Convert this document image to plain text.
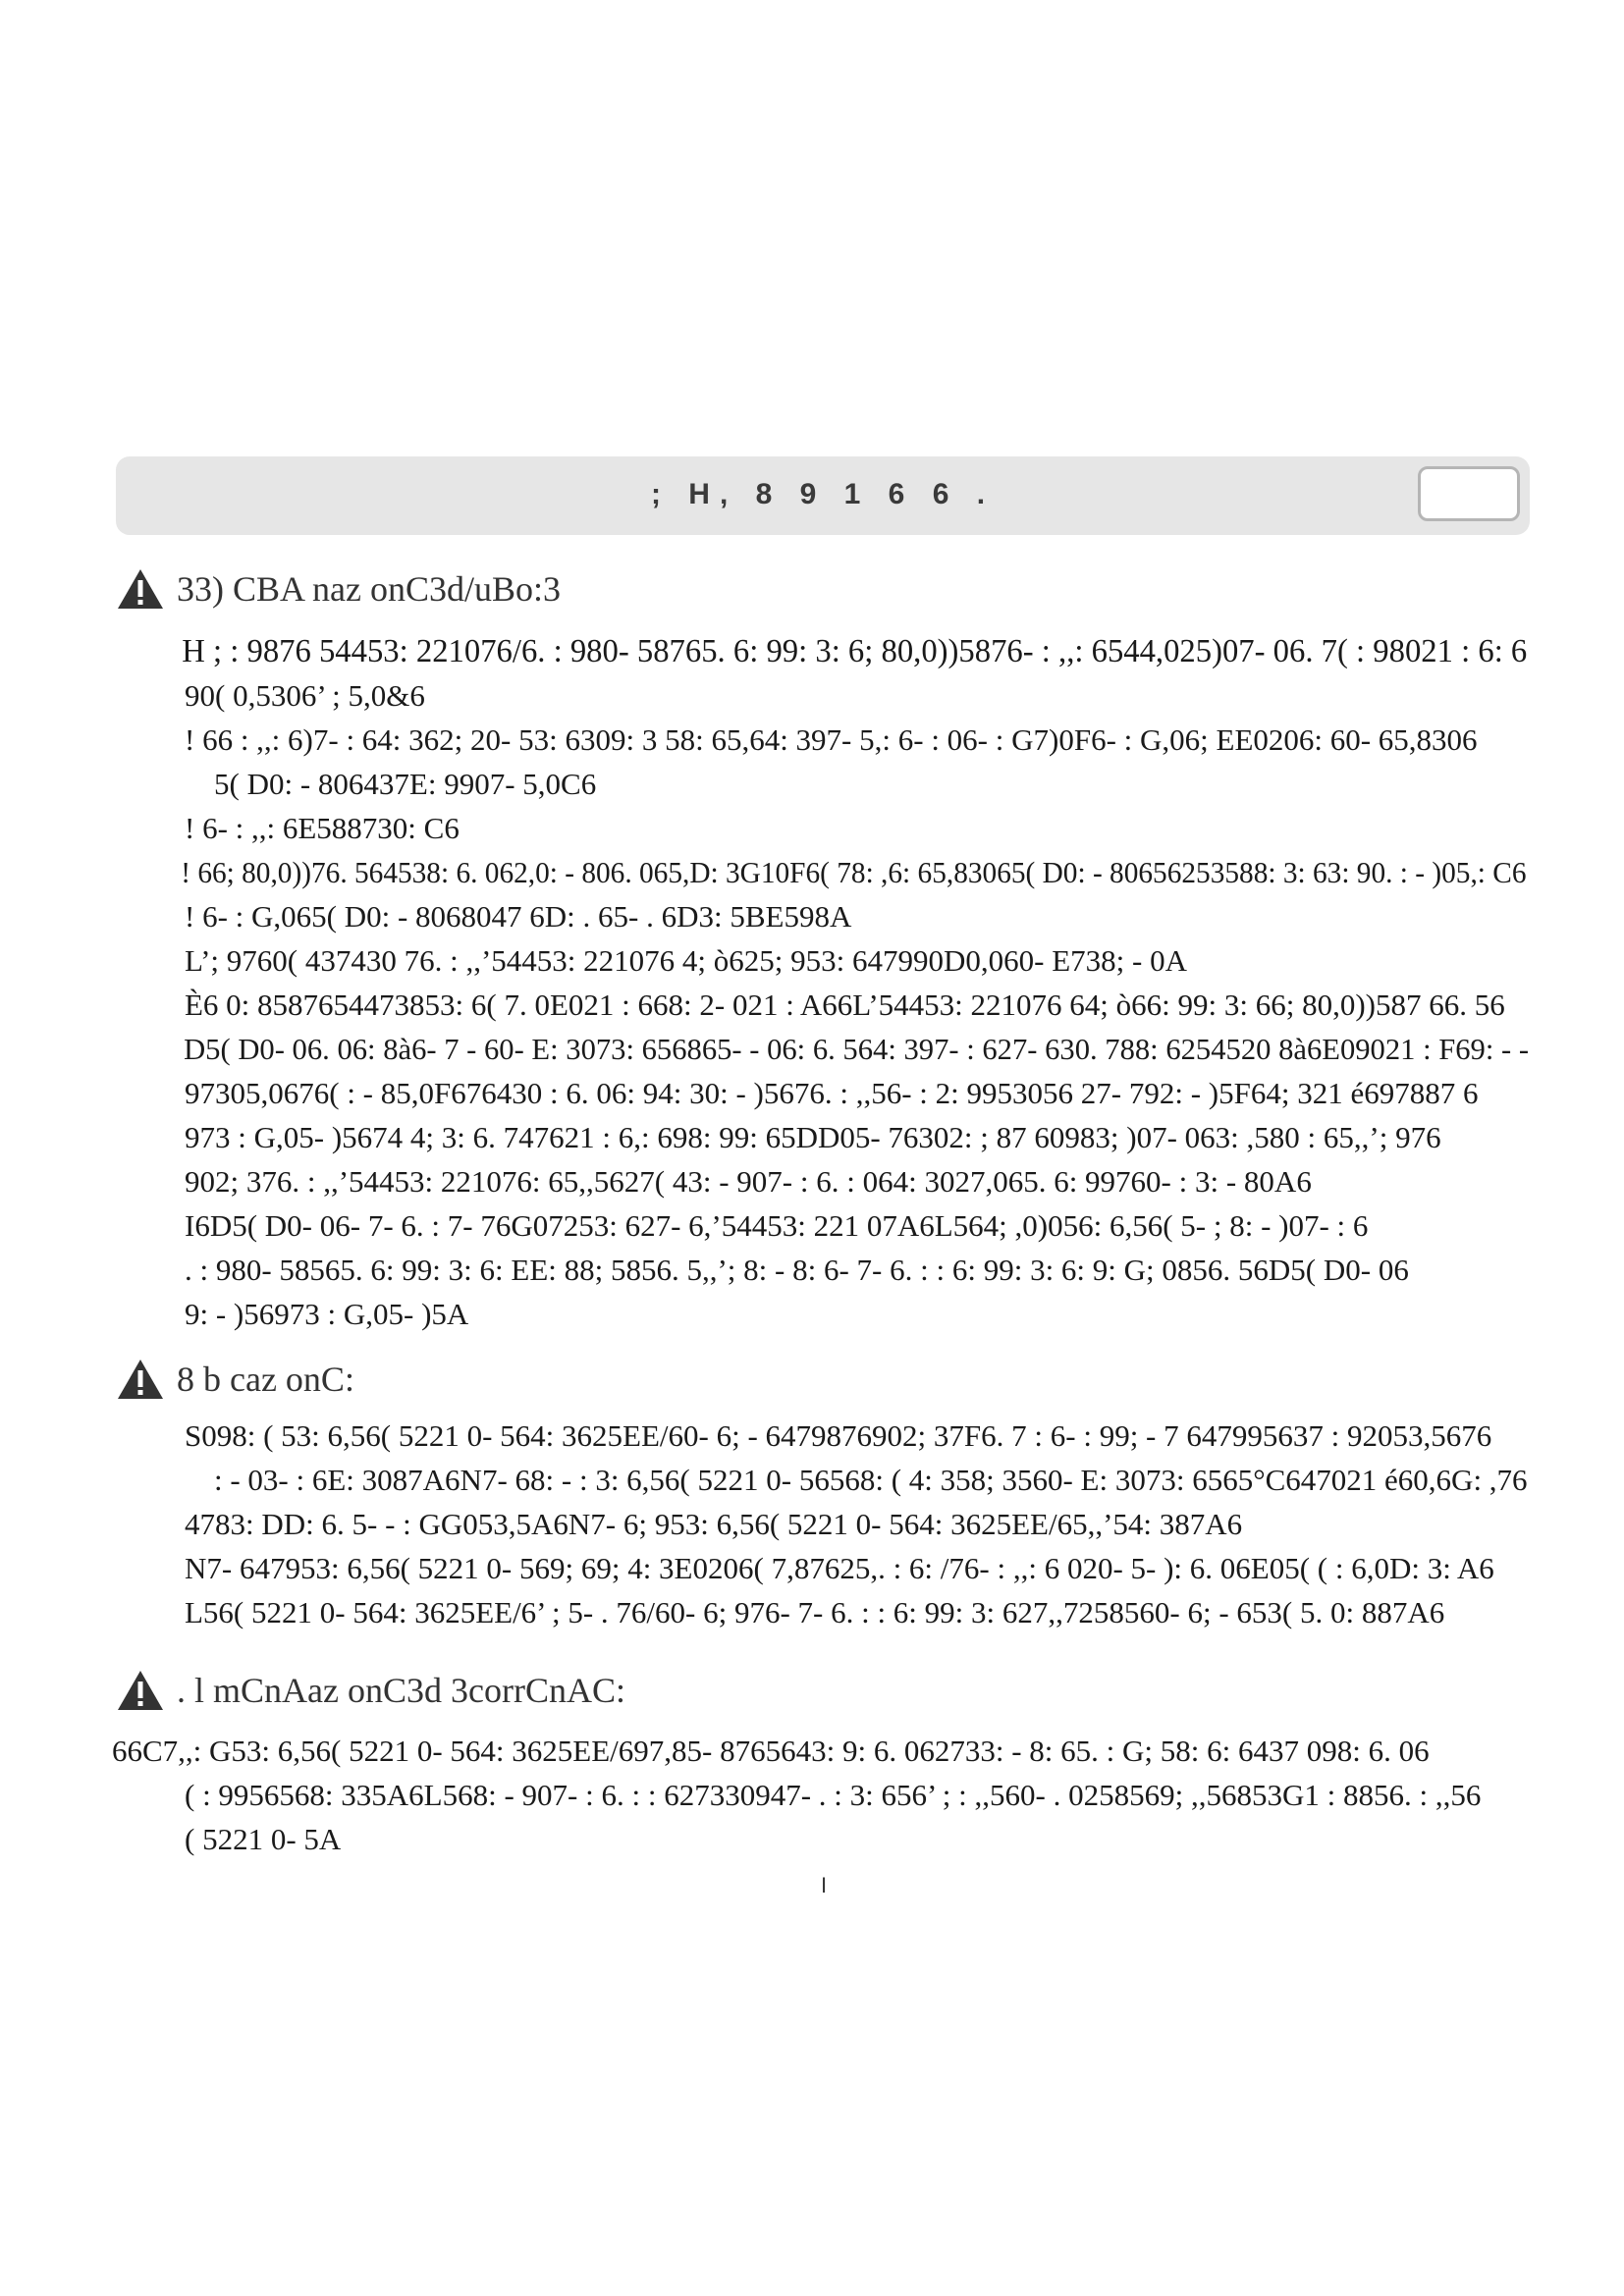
; H, 8 9 1 6 6 .
33) CBA naz onC3d/uBo:3
H ; : 9876 54453: 221076/6. : 980- 58765. 6: 99: 3: 6; 80,0))5876- : ,,: 6544,025)07- 06. 7( : 98021 : 6: 6
90( 0,5306’ ; 5,0&6
! 66 : ,,: 6)7- : 64: 362; 20- 53: 6309: 3 58: 65,64: 397- 5,: 6- : 06- : G7)0F6- : G,06; EE0206: 60- 65,8306
5( D0: - 806437E: 9907- 5,0C6
! 6- : ,,: 6E588730: C6
! 66; 80,0))76. 564538: 6. 062,0: - 806. 065,D: 3G10F6( 78: ,6: 65,83065( D0: - 80656253588: 3: 63: 90. : - )05,: C6
! 6- : G,065( D0: - 8068047 6D: . 65- . 6D3: 5BE598A
L’; 9760( 437430 76. : ,,’54453: 221076 4; ò625; 953: 647990D0,060- E738; - 0A
È6 0: 8587654473853: 6( 7. 0E021 : 668: 2- 021 : A66L’54453: 221076 64; ò66: 99: 3: 66; 80,0))587 66. 56
D5( D0- 06. 06: 8à6- 7 - 60- E: 3073: 656865- - 06: 6. 564: 397- : 627- 630. 788: 6254520 8à6E09021 : F69: - -
97305,0676( : - 85,0F676430 : 6. 06: 94: 30: - )5676. : ,,56- : 2: 9953056 27- 792: - )5F64; 321 é697887 6
973 : G,05- )5674 4; 3: 6. 747621 : 6,: 698: 99: 65DD05- 76302: ; 87 60983; )07- 063: ,580 : 65,,’; 976
902; 376. : ,,’54453: 221076: 65,,5627( 43: - 907- : 6. : 064: 3027,065. 6: 99760- : 3: - 80A6
I6D5( D0- 06- 7- 6. : 7- 76G07253: 627- 6,’54453: 221 07A6L564; ,0)056: 6,56( 5- ; 8: - )07- : 6
. : 980- 58565. 6: 99: 3: 6: EE: 88; 5856. 5,,’; 8: - 8: 6- 7- 6. : : 6: 99: 3: 6: 9: G; 0856. 56D5( D0- 06
9: - )56973 : G,05- )5A
8 b caz onC:
S098: ( 53: 6,56( 5221 0- 564: 3625EE/60- 6; - 6479876902; 37F6. 7 : 6- : 99; - 7 647995637 : 92053,5676
: - 03- : 6E: 3087A6N7- 68: - : 3: 6,56( 5221 0- 56568: ( 4: 358; 3560- E: 3073: 6565°C647021 é60,6G: ,76
4783: DD: 6. 5- - : GG053,5A6N7- 6; 953: 6,56( 5221 0- 564: 3625EE/65,,’54: 387A6
N7- 647953: 6,56( 5221 0- 569; 69; 4: 3E0206( 7,87625,. : 6: /76- : ,,: 6 020- 5- ): 6. 06E05( ( : 6,0D: 3: A6
L56( 5221 0- 564: 3625EE/6’ ; 5- . 76/60- 6; 976- 7- 6. : : 6: 99: 3: 627,,7258560- 6; - 653( 5. 0: 887A6
. l mCnAaz onC3d 3corrCnAC:
66C7,,: G53: 6,56( 5221 0- 564: 3625EE/697,85- 8765643: 9: 6. 062733: - 8: 65. : G; 58: 6: 6437 098: 6. 06
( : 9956568: 335A6L568: - 907- : 6. : : 627330947- . : 3: 656’ ; : ,,560- . 0258569; ,,56853G1 : 8856. : ,,56
( 5221 0- 5A
I
